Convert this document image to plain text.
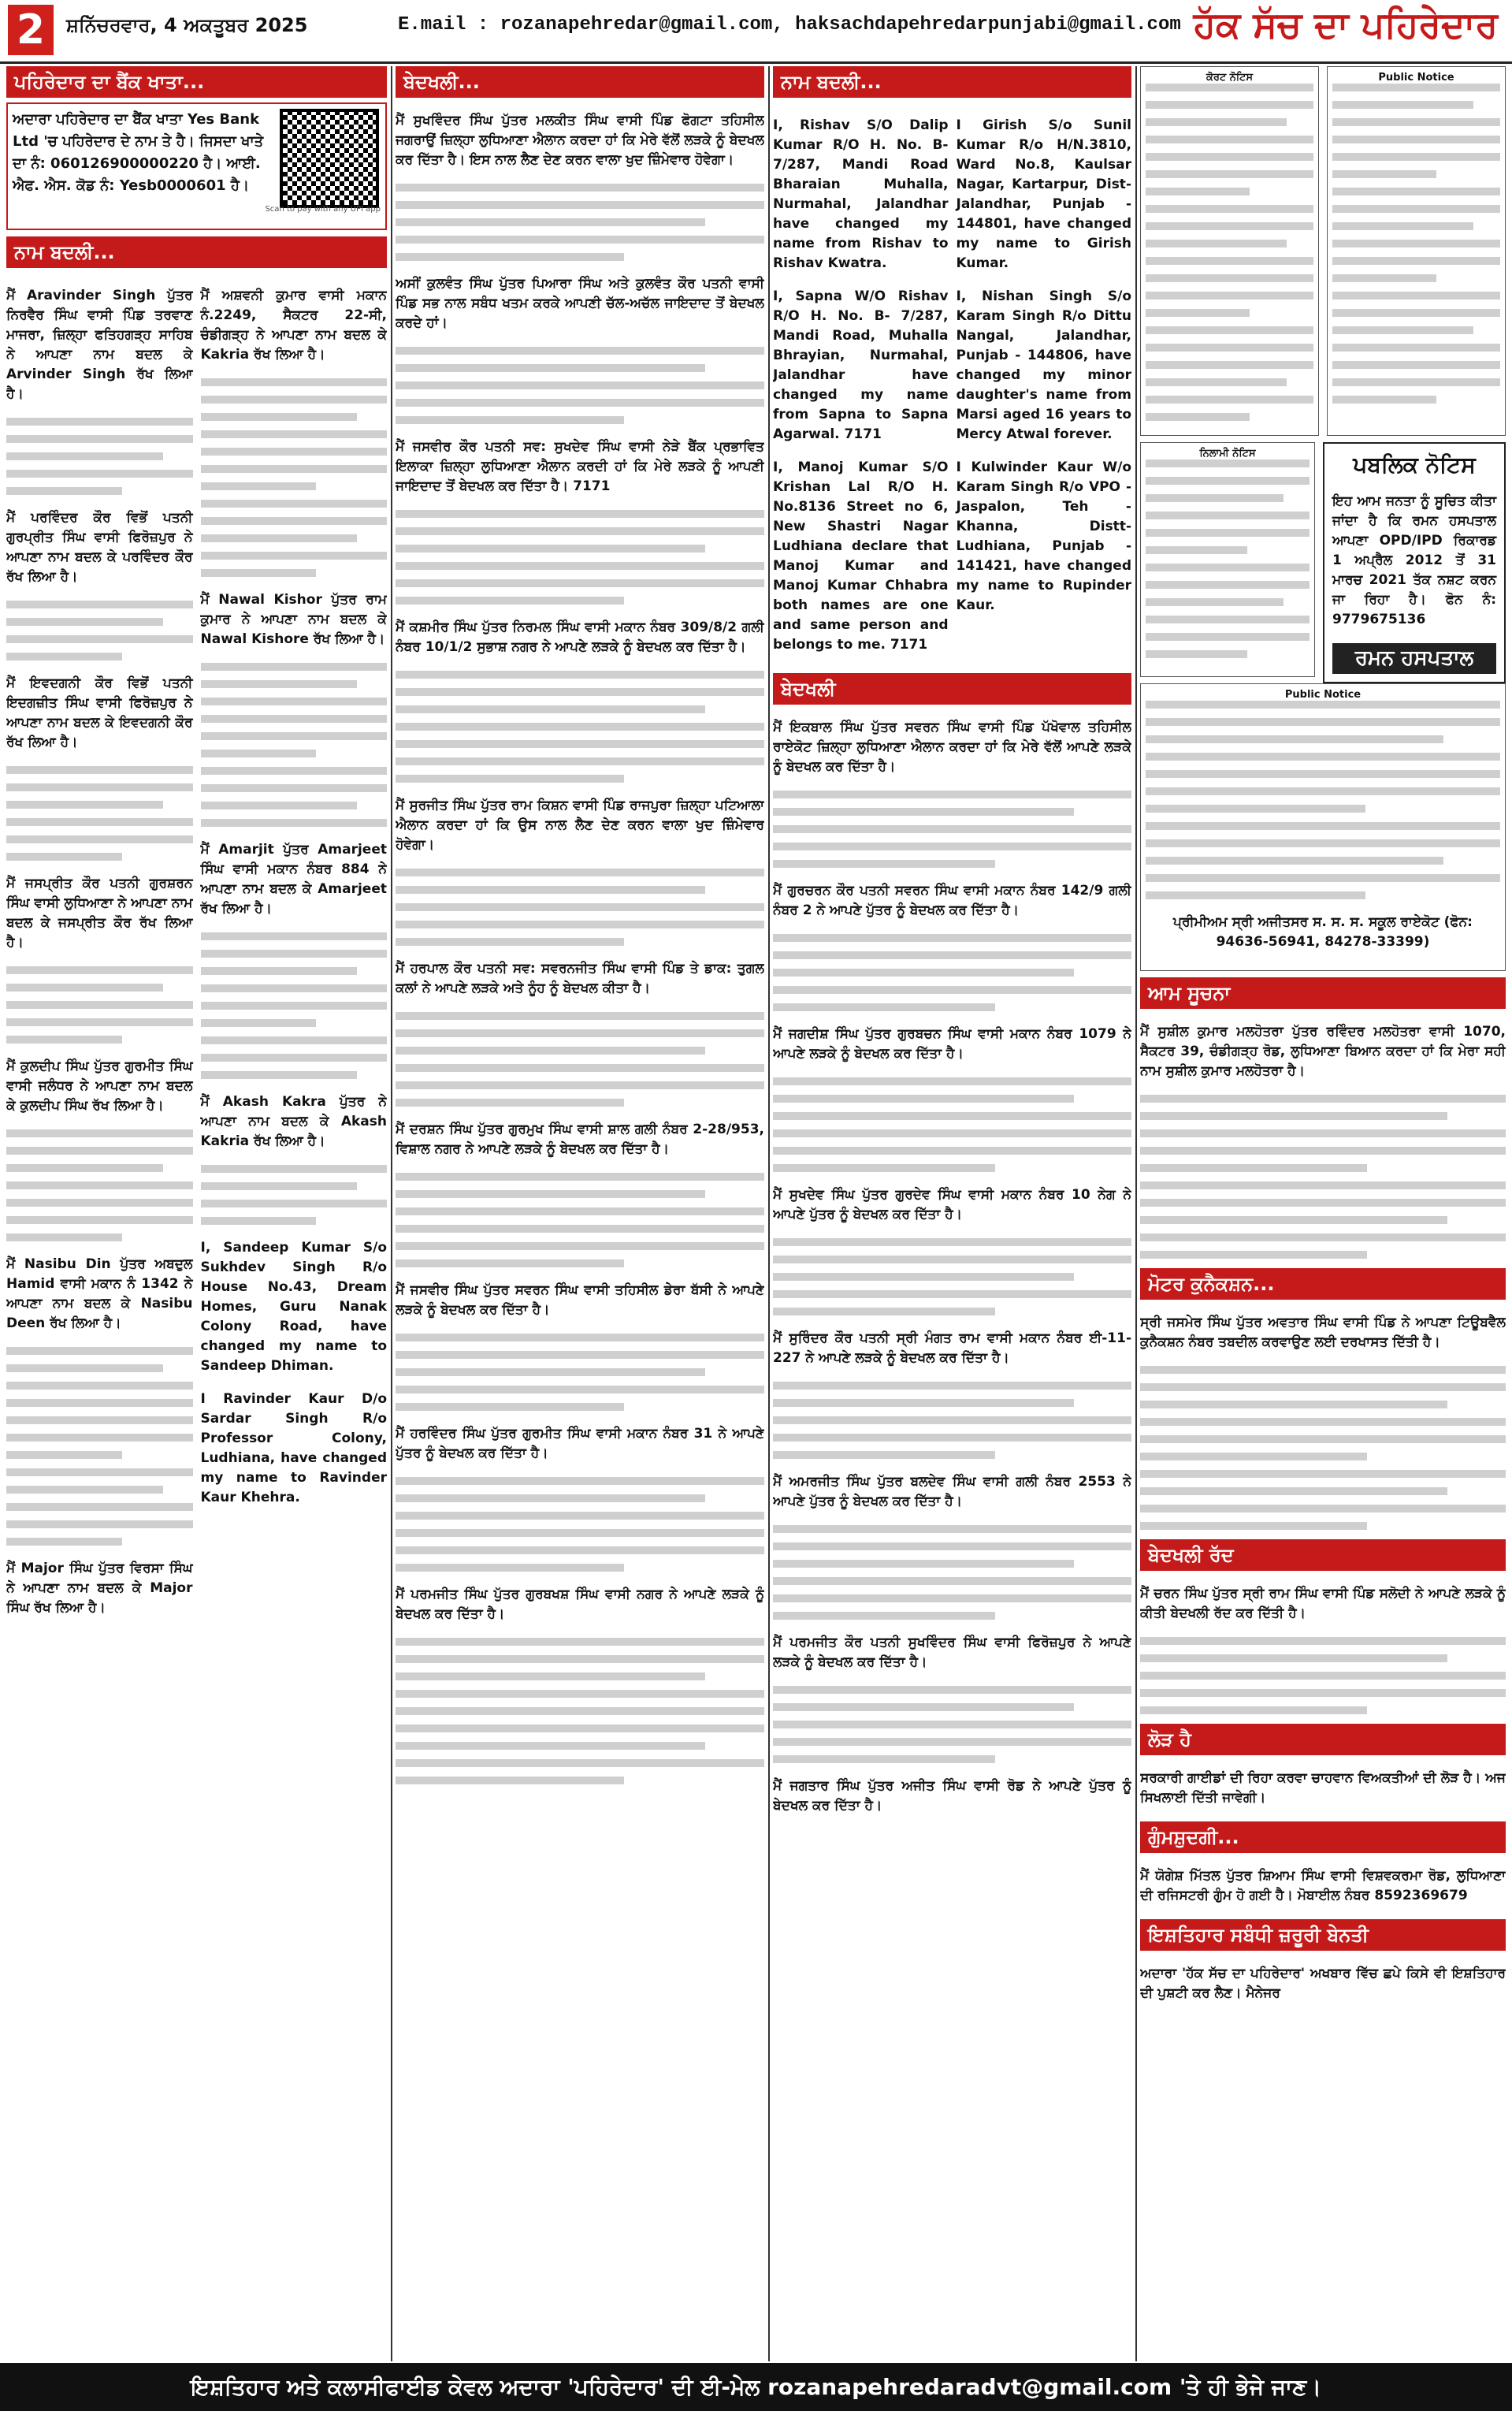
2	ਸ਼ਨਿੱਚਰਵਾਰ, 4 ਅਕਤੂਬਰ 2025	E.mail : rozanapehredar@gmail.com, haksachdapehredarpunjabi@gmail.com ਹੱਕ ਸੱਚ ਦਾ ਪਹਿਰੇਦਾਰ
ਪਹਿਰੇਦਾਰ ਦਾ ਬੈਂਕ ਖਾਤਾ...
ਅਦਾਰਾ ਪਹਿਰੇਦਾਰ ਦਾ ਬੈਂਕ ਖਾਤਾ Yes Bank Ltd 'ਚ ਪਹਿਰੇਦਾਰ ਦੇ ਨਾਮ ਤੇ ਹੈ। ਜਿਸਦਾ ਖਾਤੇ ਦਾ ਨੰ: 060126900000220 ਹੈ। ਆਈ. ਐਫ. ਐਸ. ਕੋਡ ਨੰ: Yesb0000601 ਹੈ।
Scan to pay with any UPI app
ਨਾਮ ਬਦਲੀ...

ਮੈਂ Aravinder Singh ਪੁੱਤਰ ਨਿਰਵੈਰ ਸਿੰਘ ਵਾਸੀ ਪਿੰਡ ਤਰਵਾਣ ਮਾਜਰਾ, ਜ਼ਿਲ੍ਹਾ ਫਤਿਹਗੜ੍ਹ ਸਾਹਿਬ ਨੇ ਆਪਣਾ ਨਾਮ ਬਦਲ ਕੇ Arvinder Singh ਰੱਖ ਲਿਆ ਹੈ।

ਮੈਂ ਪਰਵਿੰਦਰ ਕੌਰ ਵਿਭੋਂ ਪਤਨੀ ਗੁਰਪ੍ਰੀਤ ਸਿੰਘ ਵਾਸੀ ਫਿਰੋਜ਼ਪੁਰ ਨੇ ਆਪਣਾ ਨਾਮ ਬਦਲ ਕੇ ਪਰਵਿੰਦਰ ਕੌਰ ਰੱਖ ਲਿਆ ਹੈ।

ਮੈਂ ਇਵਦਗਨੀ ਕੌਰ ਵਿਭੋਂ ਪਤਨੀ ਇਦਗਜ਼ੀਤ ਸਿੰਘ ਵਾਸੀ ਫਿਰੋਜ਼ਪੁਰ ਨੇ ਆਪਣਾ ਨਾਮ ਬਦਲ ਕੇ ਇਵਦਗਨੀ ਕੌਰ ਰੱਖ ਲਿਆ ਹੈ।

ਮੈਂ ਜਸਪ੍ਰੀਤ ਕੌਰ ਪਤਨੀ ਗੁਰਸ਼ਰਨ ਸਿੰਘ ਵਾਸੀ ਲੁਧਿਆਣਾ ਨੇ ਆਪਣਾ ਨਾਮ ਬਦਲ ਕੇ ਜਸਪ੍ਰੀਤ ਕੌਰ ਰੱਖ ਲਿਆ ਹੈ।

ਮੈਂ ਕੁਲਦੀਪ ਸਿੰਘ ਪੁੱਤਰ ਗੁਰਮੀਤ ਸਿੰਘ ਵਾਸੀ ਜਲੰਧਰ ਨੇ ਆਪਣਾ ਨਾਮ ਬਦਲ ਕੇ ਕੁਲਦੀਪ ਸਿੰਘ ਰੱਖ ਲਿਆ ਹੈ।

ਮੈਂ Nasibu Din ਪੁੱਤਰ ਅਬਦੁਲ Hamid ਵਾਸੀ ਮਕਾਨ ਨੰ 1342 ਨੇ ਆਪਣਾ ਨਾਮ ਬਦਲ ਕੇ Nasibu Deen ਰੱਖ ਲਿਆ ਹੈ।

ਮੈਂ Major ਸਿੰਘ ਪੁੱਤਰ ਵਿਰਸਾ ਸਿੰਘ ਨੇ ਆਪਣਾ ਨਾਮ ਬਦਲ ਕੇ Major ਸਿੰਘ ਰੱਖ ਲਿਆ ਹੈ।

ਮੈਂ ਅਸ਼ਵਨੀ ਕੁਮਾਰ ਵਾਸੀ ਮਕਾਨ ਨੰ.2249, ਸੈਕਟਰ 22-ਸੀ, ਚੰਡੀਗੜ੍ਹ ਨੇ ਆਪਣਾ ਨਾਮ ਬਦਲ ਕੇ Kakria ਰੱਖ ਲਿਆ ਹੈ।

ਮੈਂ Nawal Kishor ਪੁੱਤਰ ਰਾਮ ਕੁਮਾਰ ਨੇ ਆਪਣਾ ਨਾਮ ਬਦਲ ਕੇ Nawal Kishore ਰੱਖ ਲਿਆ ਹੈ।

ਮੈਂ Amarjit ਪੁੱਤਰ Amarjeet ਸਿੰਘ ਵਾਸੀ ਮਕਾਨ ਨੰਬਰ 884 ਨੇ ਆਪਣਾ ਨਾਮ ਬਦਲ ਕੇ Amarjeet ਰੱਖ ਲਿਆ ਹੈ।

ਮੈਂ Akash Kakra ਪੁੱਤਰ ਨੇ ਆਪਣਾ ਨਾਮ ਬਦਲ ਕੇ Akash Kakria ਰੱਖ ਲਿਆ ਹੈ।

I, Sandeep Kumar S/o Sukhdev Singh R/o House No.43, Dream Homes, Guru Nanak Colony Road, have changed my name to Sandeep Dhiman.

I Ravinder Kaur D/o Sardar Singh R/o Professor Colony, Ludhiana, have changed my name to Ravinder Kaur Khehra.

ਬੇਦਖਲੀ...

ਮੈਂ ਸੁਖਵਿੰਦਰ ਸਿੰਘ ਪੁੱਤਰ ਮਲਕੀਤ ਸਿੰਘ ਵਾਸੀ ਪਿੰਡ ਫੋਗਟਾ ਤਹਿਸੀਲ ਜਗਰਾਉਂ ਜ਼ਿਲ੍ਹਾ ਲੁਧਿਆਣਾ ਐਲਾਨ ਕਰਦਾ ਹਾਂ ਕਿ ਮੇਰੇ ਵੱਲੋਂ ਲੜਕੇ ਨੂੰ ਬੇਦਖਲ ਕਰ ਦਿੱਤਾ ਹੈ। ਇਸ ਨਾਲ ਲੈਣ ਦੇਣ ਕਰਨ ਵਾਲਾ ਖੁਦ ਜ਼ਿੰਮੇਵਾਰ ਹੋਵੇਗਾ।

ਅਸੀਂ ਕੁਲਵੰਤ ਸਿੰਘ ਪੁੱਤਰ ਪਿਆਰਾ ਸਿੰਘ ਅਤੇ ਕੁਲਵੰਤ ਕੌਰ ਪਤਨੀ ਵਾਸੀ ਪਿੰਡ ਸਭ ਨਾਲ ਸਬੰਧ ਖਤਮ ਕਰਕੇ ਆਪਣੀ ਚੱਲ-ਅਚੱਲ ਜਾਇਦਾਦ ਤੋਂ ਬੇਦਖਲ ਕਰਦੇ ਹਾਂ।

ਮੈਂ ਜਸਵੀਰ ਕੌਰ ਪਤਨੀ ਸਵ: ਸੁਖਦੇਵ ਸਿੰਘ ਵਾਸੀ ਨੇੜੇ ਬੈਂਕ ਪ੍ਰਭਾਵਿਤ ਇਲਾਕਾ ਜ਼ਿਲ੍ਹਾ ਲੁਧਿਆਣਾ ਐਲਾਨ ਕਰਦੀ ਹਾਂ ਕਿ ਮੇਰੇ ਲੜਕੇ ਨੂੰ ਆਪਣੀ ਜਾਇਦਾਦ ਤੋਂ ਬੇਦਖਲ ਕਰ ਦਿੱਤਾ ਹੈ। 7171

ਮੈਂ ਕਸ਼ਮੀਰ ਸਿੰਘ ਪੁੱਤਰ ਨਿਰਮਲ ਸਿੰਘ ਵਾਸੀ ਮਕਾਨ ਨੰਬਰ 309/8/2 ਗਲੀ ਨੰਬਰ 10/1/2 ਸੁਭਾਸ਼ ਨਗਰ ਨੇ ਆਪਣੇ ਲੜਕੇ ਨੂੰ ਬੇਦਖਲ ਕਰ ਦਿੱਤਾ ਹੈ।

ਮੈਂ ਸੁਰਜੀਤ ਸਿੰਘ ਪੁੱਤਰ ਰਾਮ ਕਿਸ਼ਨ ਵਾਸੀ ਪਿੰਡ ਰਾਜਪੁਰਾ ਜ਼ਿਲ੍ਹਾ ਪਟਿਆਲਾ ਐਲਾਨ ਕਰਦਾ ਹਾਂ ਕਿ ਉਸ ਨਾਲ ਲੈਣ ਦੇਣ ਕਰਨ ਵਾਲਾ ਖੁਦ ਜ਼ਿੰਮੇਵਾਰ ਹੋਵੇਗਾ।

ਮੈਂ ਹਰਪਾਲ ਕੌਰ ਪਤਨੀ ਸਵ: ਸਵਰਨਜੀਤ ਸਿੰਘ ਵਾਸੀ ਪਿੰਡ ਤੇ ਡਾਕ: ਤੁਗਲ ਕਲਾਂ ਨੇ ਆਪਣੇ ਲੜਕੇ ਅਤੇ ਨੂੰਹ ਨੂੰ ਬੇਦਖਲ ਕੀਤਾ ਹੈ।

ਮੈਂ ਦਰਸ਼ਨ ਸਿੰਘ ਪੁੱਤਰ ਗੁਰਮੁਖ ਸਿੰਘ ਵਾਸੀ ਸ਼ਾਲ ਗਲੀ ਨੰਬਰ 2-28/953, ਵਿਸ਼ਾਲ ਨਗਰ ਨੇ ਆਪਣੇ ਲੜਕੇ ਨੂੰ ਬੇਦਖਲ ਕਰ ਦਿੱਤਾ ਹੈ।

ਮੈਂ ਜਸਵੀਰ ਸਿੰਘ ਪੁੱਤਰ ਸਵਰਨ ਸਿੰਘ ਵਾਸੀ ਤਹਿਸੀਲ ਡੇਰਾ ਬੱਸੀ ਨੇ ਆਪਣੇ ਲੜਕੇ ਨੂੰ ਬੇਦਖਲ ਕਰ ਦਿੱਤਾ ਹੈ।

ਮੈਂ ਹਰਵਿੰਦਰ ਸਿੰਘ ਪੁੱਤਰ ਗੁਰਮੀਤ ਸਿੰਘ ਵਾਸੀ ਮਕਾਨ ਨੰਬਰ 31 ਨੇ ਆਪਣੇ ਪੁੱਤਰ ਨੂੰ ਬੇਦਖਲ ਕਰ ਦਿੱਤਾ ਹੈ।

ਮੈਂ ਪਰਮਜੀਤ ਸਿੰਘ ਪੁੱਤਰ ਗੁਰਬਖਸ਼ ਸਿੰਘ ਵਾਸੀ ਨਗਰ ਨੇ ਆਪਣੇ ਲੜਕੇ ਨੂੰ ਬੇਦਖਲ ਕਰ ਦਿੱਤਾ ਹੈ।

ਨਾਮ ਬਦਲੀ...

I, Rishav S/O Dalip Kumar R/O H. No. B-7/287, Mandi Road Bharaian Muhalla, Nurmahal, Jalandhar have changed my name from Rishav to Rishav Kwatra.

I, Sapna W/O Rishav R/O H. No. B- 7/287, Mandi Road, Muhalla Bhrayian, Nurmahal, Jalandhar have changed my name from Sapna to Sapna Agarwal. 7171

I, Manoj Kumar S/O Krishan Lal R/O H. No.8136 Street no 6, New Shastri Nagar Ludhiana declare that Manoj Kumar and Manoj Kumar Chhabra both names are one and same person and belongs to me. 7171

I Girish S/o Sunil Kumar R/o H/N.3810, Ward No.8, Kaulsar Nagar, Kartarpur, Dist- Jalandhar, Punjab - 144801, have changed my name to Girish Kumar.

I, Nishan Singh S/o Karam Singh R/o Dittu Nangal, Jalandhar, Punjab - 144806, have changed my minor daughter's name from Marsi aged 16 years to Mercy Atwal forever.

I Kulwinder Kaur W/o Karam Singh R/o VPO - Jaspalon, Teh - Khanna, Distt- Ludhiana, Punjab - 141421, have changed my name to Rupinder Kaur.

ਬੇਦਖਲੀ

ਮੈਂ ਇਕਬਾਲ ਸਿੰਘ ਪੁੱਤਰ ਸਵਰਨ ਸਿੰਘ ਵਾਸੀ ਪਿੰਡ ਪੱਖੋਵਾਲ ਤਹਿਸੀਲ ਰਾਏਕੋਟ ਜ਼ਿਲ੍ਹਾ ਲੁਧਿਆਣਾ ਐਲਾਨ ਕਰਦਾ ਹਾਂ ਕਿ ਮੇਰੇ ਵੱਲੋਂ ਆਪਣੇ ਲੜਕੇ ਨੂੰ ਬੇਦਖਲ ਕਰ ਦਿੱਤਾ ਹੈ।

ਮੈਂ ਗੁਰਚਰਨ ਕੌਰ ਪਤਨੀ ਸਵਰਨ ਸਿੰਘ ਵਾਸੀ ਮਕਾਨ ਨੰਬਰ 142/9 ਗਲੀ ਨੰਬਰ 2 ਨੇ ਆਪਣੇ ਪੁੱਤਰ ਨੂੰ ਬੇਦਖਲ ਕਰ ਦਿੱਤਾ ਹੈ।

ਮੈਂ ਜਗਦੀਸ਼ ਸਿੰਘ ਪੁੱਤਰ ਗੁਰਬਚਨ ਸਿੰਘ ਵਾਸੀ ਮਕਾਨ ਨੰਬਰ 1079 ਨੇ ਆਪਣੇ ਲੜਕੇ ਨੂੰ ਬੇਦਖਲ ਕਰ ਦਿੱਤਾ ਹੈ।

ਮੈਂ ਸੁਖਦੇਵ ਸਿੰਘ ਪੁੱਤਰ ਗੁਰਦੇਵ ਸਿੰਘ ਵਾਸੀ ਮਕਾਨ ਨੰਬਰ 10 ਨੇਗ ਨੇ ਆਪਣੇ ਪੁੱਤਰ ਨੂੰ ਬੇਦਖਲ ਕਰ ਦਿੱਤਾ ਹੈ।

ਮੈਂ ਸੁਰਿੰਦਰ ਕੌਰ ਪਤਨੀ ਸ੍ਰੀ ਮੰਗਤ ਰਾਮ ਵਾਸੀ ਮਕਾਨ ਨੰਬਰ ਈ-11-227 ਨੇ ਆਪਣੇ ਲੜਕੇ ਨੂੰ ਬੇਦਖਲ ਕਰ ਦਿੱਤਾ ਹੈ।

ਮੈਂ ਅਮਰਜੀਤ ਸਿੰਘ ਪੁੱਤਰ ਬਲਦੇਵ ਸਿੰਘ ਵਾਸੀ ਗਲੀ ਨੰਬਰ 2553 ਨੇ ਆਪਣੇ ਪੁੱਤਰ ਨੂੰ ਬੇਦਖਲ ਕਰ ਦਿੱਤਾ ਹੈ।

ਮੈਂ ਪਰਮਜੀਤ ਕੌਰ ਪਤਨੀ ਸੁਖਵਿੰਦਰ ਸਿੰਘ ਵਾਸੀ ਫਿਰੋਜ਼ਪੁਰ ਨੇ ਆਪਣੇ ਲੜਕੇ ਨੂੰ ਬੇਦਖਲ ਕਰ ਦਿੱਤਾ ਹੈ।

ਮੈਂ ਜਗਤਾਰ ਸਿੰਘ ਪੁੱਤਰ ਅਜੀਤ ਸਿੰਘ ਵਾਸੀ ਰੋਡ ਨੇ ਆਪਣੇ ਪੁੱਤਰ ਨੂੰ ਬੇਦਖਲ ਕਰ ਦਿੱਤਾ ਹੈ।

ਕੋਰਟ ਨੋਟਿਸ	Public Notice
ਨਿਲਾਮੀ ਨੋਟਿਸ	ਪਬਲਿਕ ਨੋਟਿਸ

ਇਹ ਆਮ ਜਨਤਾ ਨੂੰ ਸੂਚਿਤ ਕੀਤਾ ਜਾਂਦਾ ਹੈ ਕਿ ਰਮਨ ਹਸਪਤਾਲ ਆਪਣਾ OPD/IPD ਰਿਕਾਰਡ 1 ਅਪ੍ਰੈਲ 2012 ਤੋਂ 31 ਮਾਰਚ 2021 ਤੱਕ ਨਸ਼ਟ ਕਰਨ ਜਾ ਰਿਹਾ ਹੈ। ਫੋਨ ਨੰ: 9779675136

ਰਮਨ ਹਸਪਤਾਲ
Public Notice

ਪ੍ਰੀਮੀਅਮ ਸ੍ਰੀ ਅਜੀਤਸਰ ਸ. ਸ. ਸ. ਸਕੂਲ ਰਾਏਕੋਟ (ਫੋਨ: 94636-56941, 84278-33399)

ਆਮ ਸੂਚਨਾ

ਮੈਂ ਸੁਸ਼ੀਲ ਕੁਮਾਰ ਮਲਹੋਤਰਾ ਪੁੱਤਰ ਰਵਿੰਦਰ ਮਲਹੋਤਰਾ ਵਾਸੀ 1070, ਸੈਕਟਰ 39, ਚੰਡੀਗੜ੍ਹ ਰੋਡ, ਲੁਧਿਆਣਾ ਬਿਆਨ ਕਰਦਾ ਹਾਂ ਕਿ ਮੇਰਾ ਸਹੀ ਨਾਮ ਸੁਸ਼ੀਲ ਕੁਮਾਰ ਮਲਹੋਤਰਾ ਹੈ।

ਮੋਟਰ ਕੁਨੈਕਸ਼ਨ...

ਸ੍ਰੀ ਜਸਮੇਰ ਸਿੰਘ ਪੁੱਤਰ ਅਵਤਾਰ ਸਿੰਘ ਵਾਸੀ ਪਿੰਡ ਨੇ ਆਪਣਾ ਟਿਊਬਵੈਲ ਕੁਨੈਕਸ਼ਨ ਨੰਬਰ ਤਬਦੀਲ ਕਰਵਾਉਣ ਲਈ ਦਰਖਾਸਤ ਦਿੱਤੀ ਹੈ।

ਬੇਦਖਲੀ ਰੱਦ

ਮੈਂ ਚਰਨ ਸਿੰਘ ਪੁੱਤਰ ਸ੍ਰੀ ਰਾਮ ਸਿੰਘ ਵਾਸੀ ਪਿੰਡ ਸਲੋਦੀ ਨੇ ਆਪਣੇ ਲੜਕੇ ਨੂੰ ਕੀਤੀ ਬੇਦਖਲੀ ਰੱਦ ਕਰ ਦਿੱਤੀ ਹੈ।

ਲੋੜ ਹੈ

ਸਰਕਾਰੀ ਗਾਈਡਾਂ ਦੀ ਰਿਹਾ ਕਰਵਾ ਚਾਹਵਾਨ ਵਿਅਕਤੀਆਂ ਦੀ ਲੋੜ ਹੈ। ਅਜ ਸਿਖਲਾਈ ਦਿੱਤੀ ਜਾਵੇਗੀ।

ਗੁੰਮਸ਼ੁਦਗੀ...

ਮੈਂ ਯੋਗੇਸ਼ ਮਿੱਤਲ ਪੁੱਤਰ ਸ਼ਿਆਮ ਸਿੰਘ ਵਾਸੀ ਵਿਸ਼ਵਕਰਮਾ ਰੋਡ, ਲੁਧਿਆਣਾ ਦੀ ਰਜਿਸਟਰੀ ਗੁੰਮ ਹੋ ਗਈ ਹੈ। ਮੋਬਾਈਲ ਨੰਬਰ 8592369679

ਇਸ਼ਤਿਹਾਰ ਸਬੰਧੀ ਜ਼ਰੂਰੀ ਬੇਨਤੀ

ਅਦਾਰਾ 'ਹੱਕ ਸੱਚ ਦਾ ਪਹਿਰੇਦਾਰ' ਅਖਬਾਰ ਵਿੱਚ ਛਪੇ ਕਿਸੇ ਵੀ ਇਸ਼ਤਿਹਾਰ ਦੀ ਪੁਸ਼ਟੀ ਕਰ ਲੈਣ। ਮੈਨੇਜਰ

ਇਸ਼ਤਿਹਾਰ ਅਤੇ ਕਲਾਸੀਫਾਈਡ ਕੇਵਲ ਅਦਾਰਾ 'ਪਹਿਰੇਦਾਰ' ਦੀ ਈ-ਮੇਲ rozanapehredaradvt@gmail.com 'ਤੇ ਹੀ ਭੇਜੇ ਜਾਣ।
